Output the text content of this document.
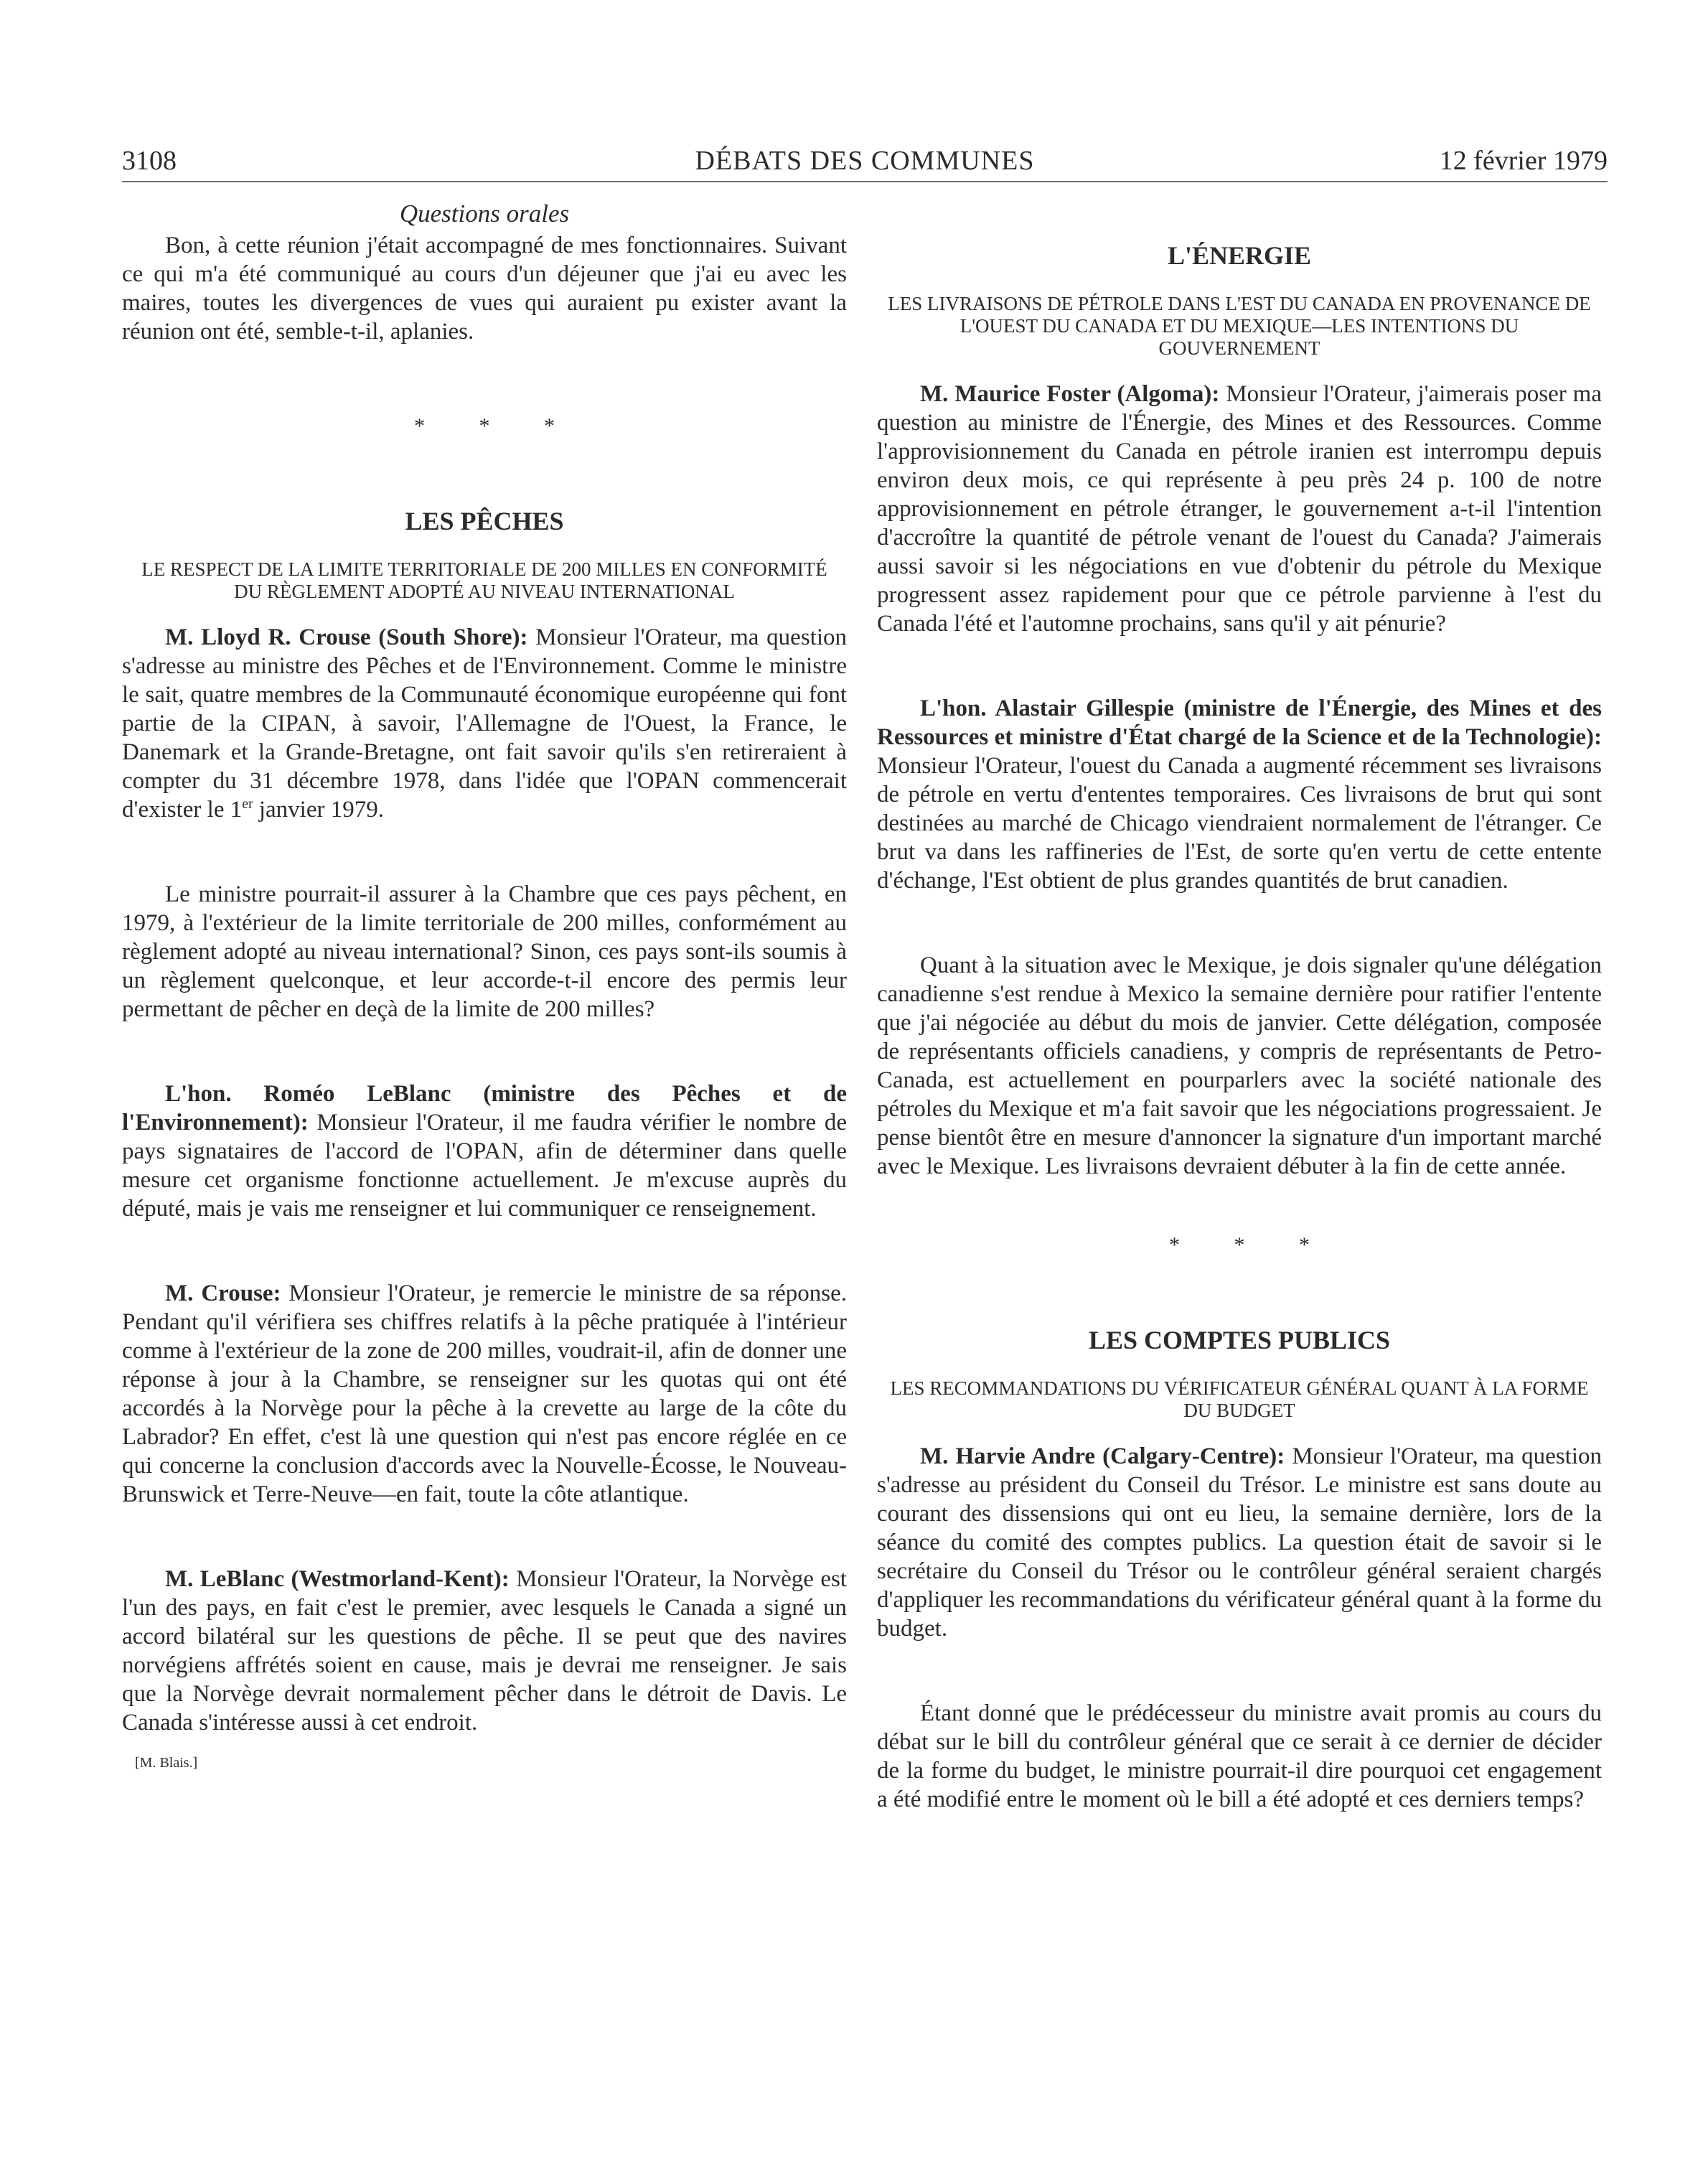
3108	DÉBATS DES COMMUNES	12 février 1979
Questions orales

Bon, à cette réunion j'était accompagné de mes fonctionnaires. Suivant ce qui m'a été communiqué au cours d'un déjeuner que j'ai eu avec les maires, toutes les divergences de vues qui auraient pu exister avant la réunion ont été, semble-t-il, aplanies.

* * *
LES PÊCHES
LE RESPECT DE LA LIMITE TERRITORIALE DE 200 MILLES EN CONFORMITÉ DU RÈGLEMENT ADOPTÉ AU NIVEAU INTERNATIONAL

M. Lloyd R. Crouse (South Shore): Monsieur l'Orateur, ma question s'adresse au ministre des Pêches et de l'Environnement. Comme le ministre le sait, quatre membres de la Communauté économique européenne qui font partie de la CIPAN, à savoir, l'Allemagne de l'Ouest, la France, le Danemark et la Grande-Bretagne, ont fait savoir qu'ils s'en retireraient à compter du 31 décembre 1978, dans l'idée que l'OPAN commencerait d'exister le 1er janvier 1979.

Le ministre pourrait-il assurer à la Chambre que ces pays pêchent, en 1979, à l'extérieur de la limite territoriale de 200 milles, conformément au règlement adopté au niveau international? Sinon, ces pays sont-ils soumis à un règlement quelconque, et leur accorde-t-il encore des permis leur permettant de pêcher en deçà de la limite de 200 milles?

L'hon. Roméo LeBlanc (ministre des Pêches et de l'Environnement): Monsieur l'Orateur, il me faudra vérifier le nombre de pays signataires de l'accord de l'OPAN, afin de déterminer dans quelle mesure cet organisme fonctionne actuellement. Je m'excuse auprès du député, mais je vais me renseigner et lui communiquer ce renseignement.

M. Crouse: Monsieur l'Orateur, je remercie le ministre de sa réponse. Pendant qu'il vérifiera ses chiffres relatifs à la pêche pratiquée à l'intérieur comme à l'extérieur de la zone de 200 milles, voudrait-il, afin de donner une réponse à jour à la Chambre, se renseigner sur les quotas qui ont été accordés à la Norvège pour la pêche à la crevette au large de la côte du Labrador? En effet, c'est là une question qui n'est pas encore réglée en ce qui concerne la conclusion d'accords avec la Nouvelle-Écosse, le Nouveau-Brunswick et Terre-Neuve—en fait, toute la côte atlantique.

M. LeBlanc (Westmorland-Kent): Monsieur l'Orateur, la Norvège est l'un des pays, en fait c'est le premier, avec lesquels le Canada a signé un accord bilatéral sur les questions de pêche. Il se peut que des navires norvégiens affrétés soient en cause, mais je devrai me renseigner. Je sais que la Norvège devrait normalement pêcher dans le détroit de Davis. Le Canada s'intéresse aussi à cet endroit.

[M. Blais.]
L'ÉNERGIE
LES LIVRAISONS DE PÉTROLE DANS L'EST DU CANADA EN PROVENANCE DE L'OUEST DU CANADA ET DU MEXIQUE—LES INTENTIONS DU GOUVERNEMENT

M. Maurice Foster (Algoma): Monsieur l'Orateur, j'aimerais poser ma question au ministre de l'Énergie, des Mines et des Ressources. Comme l'approvisionnement du Canada en pétrole iranien est interrompu depuis environ deux mois, ce qui représente à peu près 24 p. 100 de notre approvisionnement en pétrole étranger, le gouvernement a-t-il l'intention d'accroître la quantité de pétrole venant de l'ouest du Canada? J'aimerais aussi savoir si les négociations en vue d'obtenir du pétrole du Mexique progressent assez rapidement pour que ce pétrole parvienne à l'est du Canada l'été et l'automne prochains, sans qu'il y ait pénurie?

L'hon. Alastair Gillespie (ministre de l'Énergie, des Mines et des Ressources et ministre d'État chargé de la Science et de la Technologie): Monsieur l'Orateur, l'ouest du Canada a augmenté récemment ses livraisons de pétrole en vertu d'ententes temporaires. Ces livraisons de brut qui sont destinées au marché de Chicago viendraient normalement de l'étranger. Ce brut va dans les raffineries de l'Est, de sorte qu'en vertu de cette entente d'échange, l'Est obtient de plus grandes quantités de brut canadien.

Quant à la situation avec le Mexique, je dois signaler qu'une délégation canadienne s'est rendue à Mexico la semaine dernière pour ratifier l'entente que j'ai négociée au début du mois de janvier. Cette délégation, composée de représentants officiels canadiens, y compris de représentants de Petro-Canada, est actuellement en pourparlers avec la société nationale des pétroles du Mexique et m'a fait savoir que les négociations progressaient. Je pense bientôt être en mesure d'annoncer la signature d'un important marché avec le Mexique. Les livraisons devraient débuter à la fin de cette année.

* * *
LES COMPTES PUBLICS
LES RECOMMANDATIONS DU VÉRIFICATEUR GÉNÉRAL QUANT À LA FORME DU BUDGET

M. Harvie Andre (Calgary-Centre): Monsieur l'Orateur, ma question s'adresse au président du Conseil du Trésor. Le ministre est sans doute au courant des dissensions qui ont eu lieu, la semaine dernière, lors de la séance du comité des comptes publics. La question était de savoir si le secrétaire du Conseil du Trésor ou le contrôleur général seraient chargés d'appliquer les recommandations du vérificateur général quant à la forme du budget.

Étant donné que le prédécesseur du ministre avait promis au cours du débat sur le bill du contrôleur général que ce serait à ce dernier de décider de la forme du budget, le ministre pourrait-il dire pourquoi cet engagement a été modifié entre le moment où le bill a été adopté et ces derniers temps?
